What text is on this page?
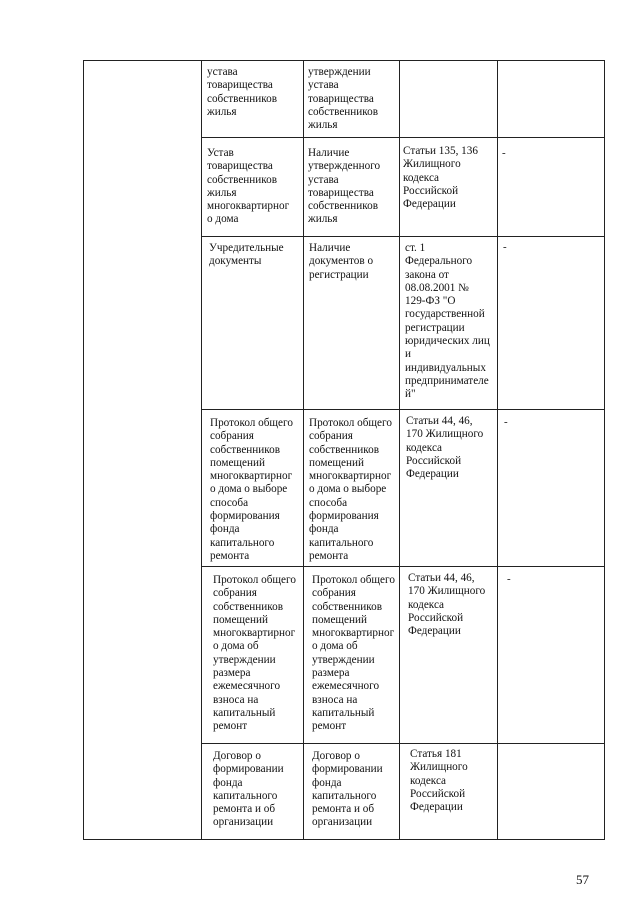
устава
товарищества
собственников
жилья
утверждении
устава
товарищества
собственников
жилья
Устав
товарищества
собственников
жилья
многоквартирног
о дома
Наличие
утвержденного
устава
товарищества
собственников
жилья
Статьи 135, 136
Жилищного
кодекса
Российской
Федерации
-
Учредительные
документы
Наличие
документов о
регистрации
ст. 1
Федерального
закона от
08.08.2001 №
129-ФЗ "О
государственной
регистрации
юридических лиц
и
индивидуальных
предпринимателе
й"
-
Протокол общего
собрания
собственников
помещений
многоквартирног
о дома о выборе
способа
формирования
фонда
капитального
ремонта
Протокол общего
собрания
собственников
помещений
многоквартирног
о дома о выборе
способа
формирования
фонда
капитального
ремонта
Статьи 44, 46,
170 Жилищного
кодекса
Российской
Федерации
-
Протокол общего
собрания
собственников
помещений
многоквартирног
о дома об
утверждении
размера
ежемесячного
взноса на
капитальный
ремонт
Протокол общего
собрания
собственников
помещений
многоквартирног
о дома об
утверждении
размера
ежемесячного
взноса на
капитальный
ремонт
Статьи 44, 46,
170 Жилищного
кодекса
Российской
Федерации
-
Договор о
формировании
фонда
капитального
ремонта и об
организации
Договор о
формировании
фонда
капитального
ремонта и об
организации
Статья 181
Жилищного
кодекса
Российской
Федерации
57
